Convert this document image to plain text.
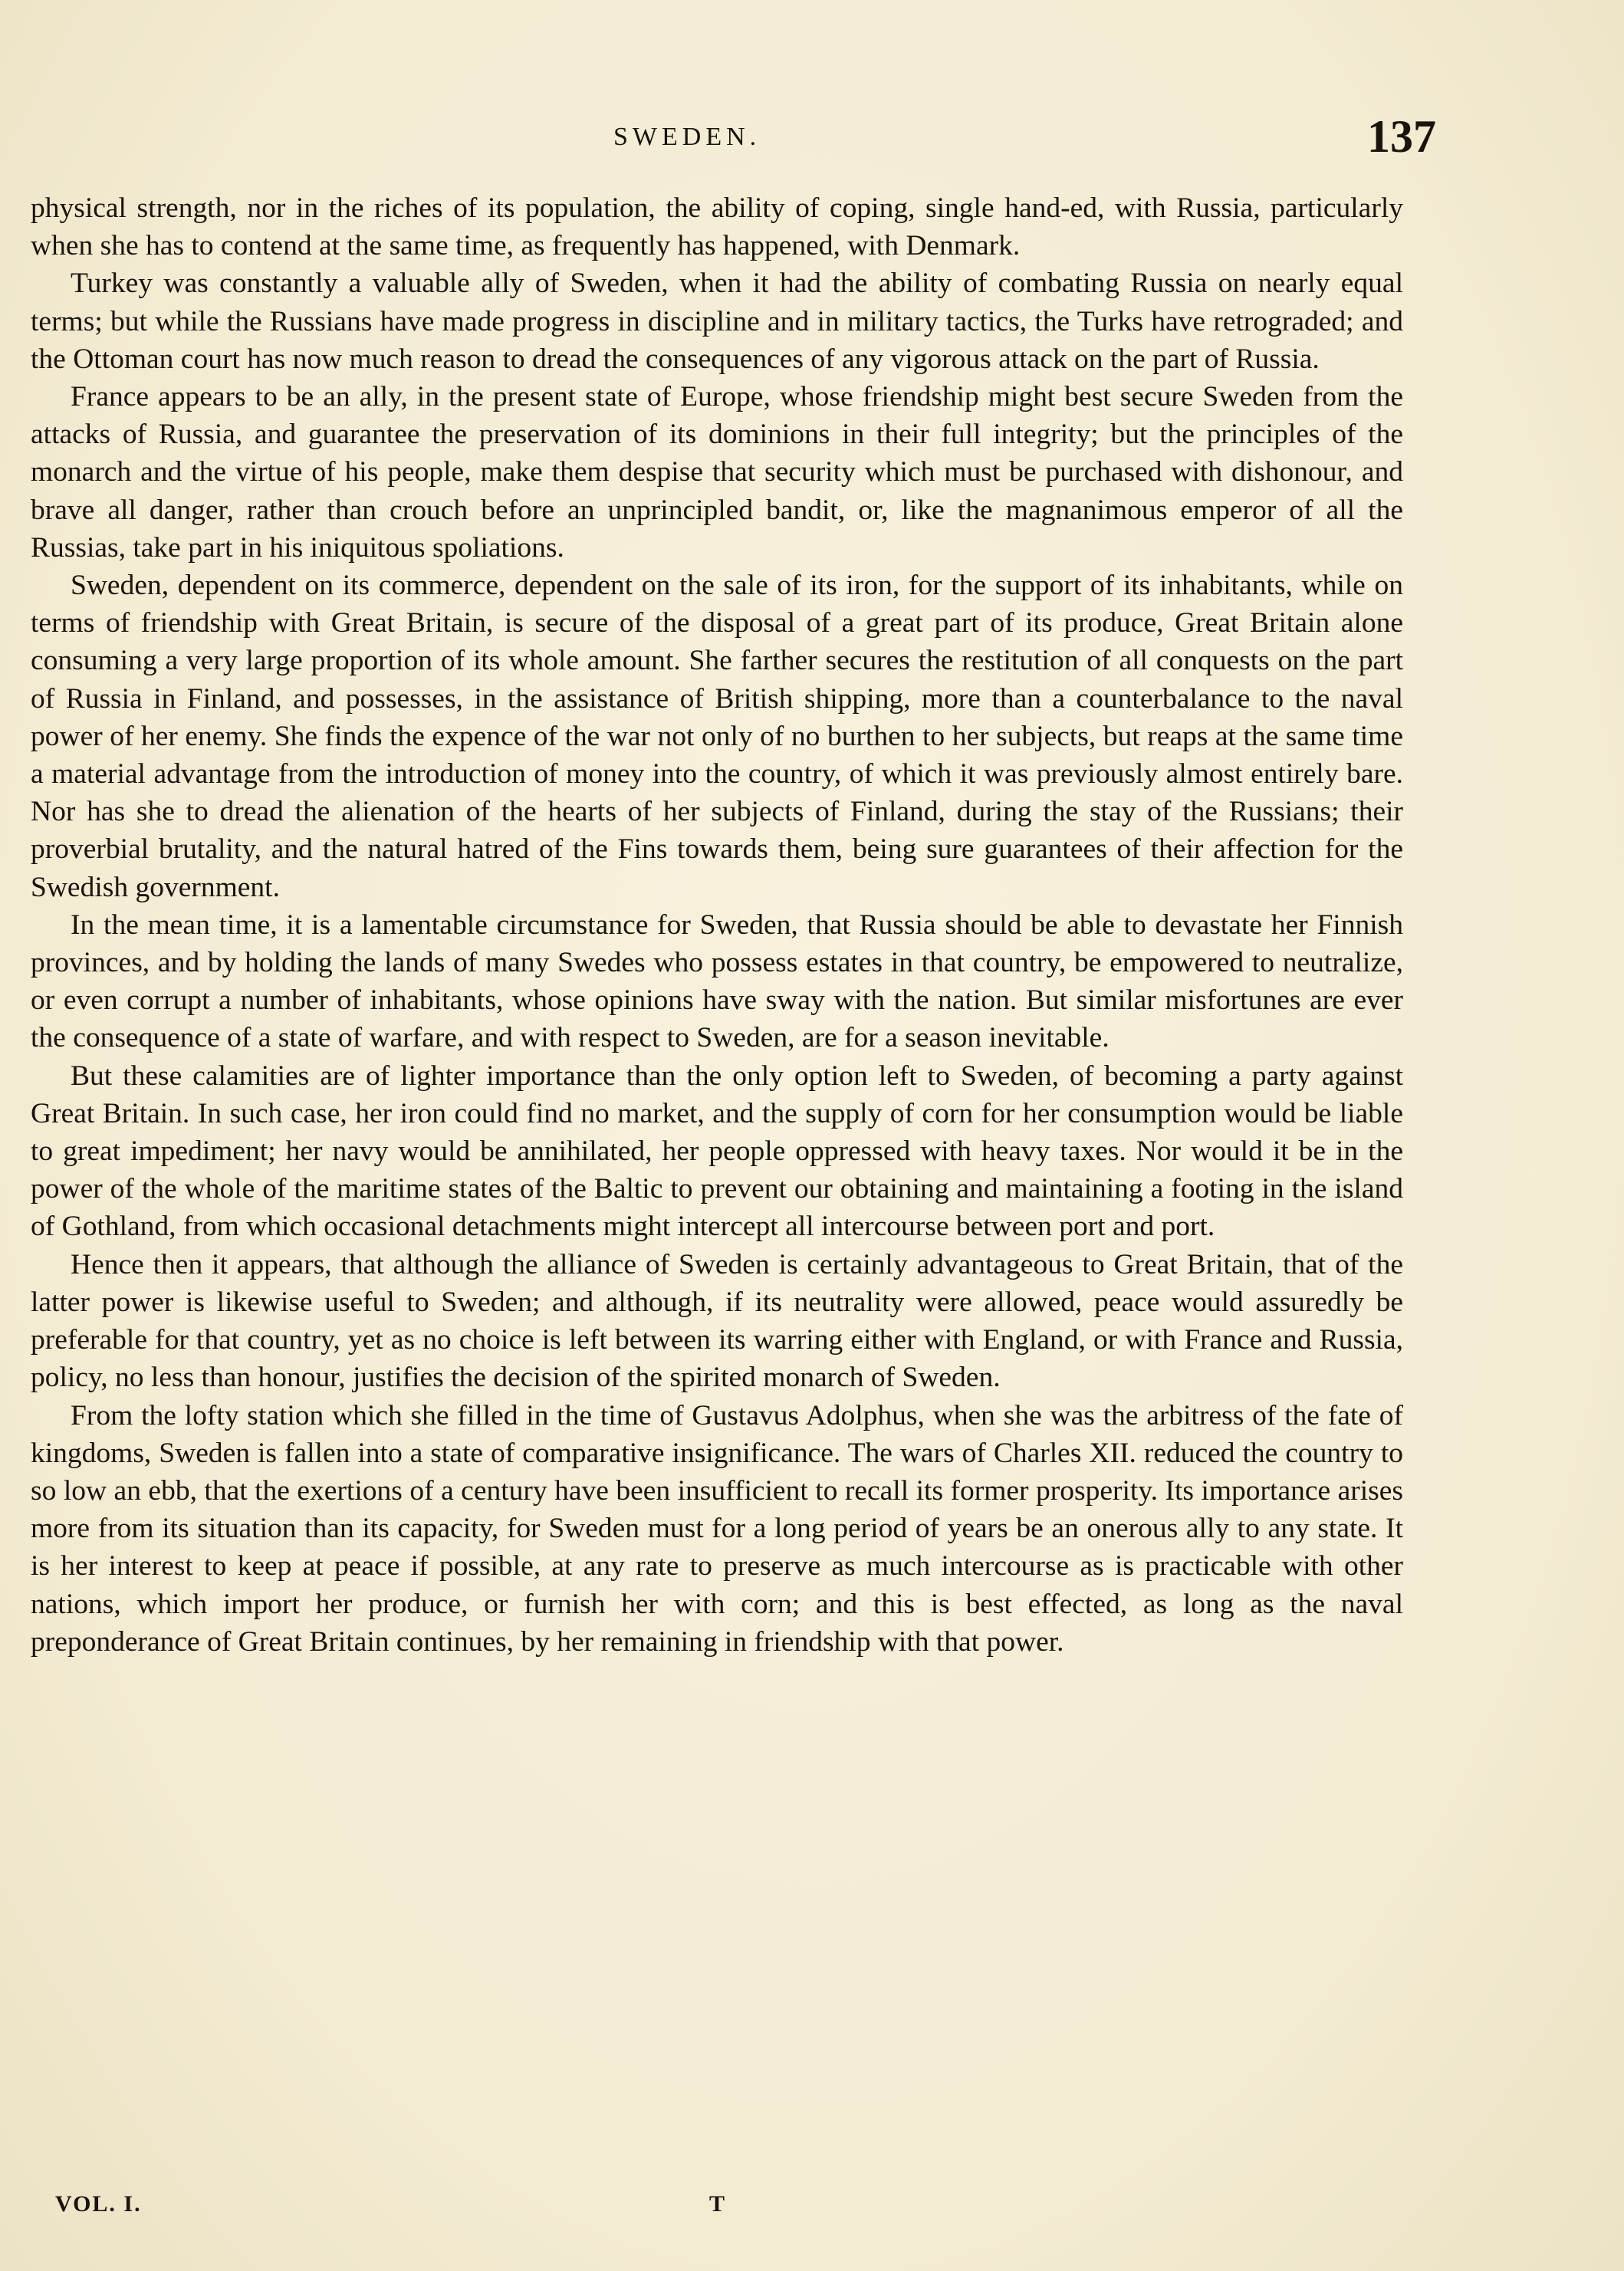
SWEDEN.	137

physical strength, nor in the riches of its population, the ability of coping, single hand-ed, with Russia, particularly when she has to contend at the same time, as frequently has happened, with Denmark.

Turkey was constantly a valuable ally of Sweden, when it had the ability of combating Russia on nearly equal terms; but while the Russians have made progress in discipline and in military tactics, the Turks have retrograded; and the Ottoman court has now much reason to dread the consequences of any vigorous attack on the part of Russia.

France appears to be an ally, in the present state of Europe, whose friendship might best secure Sweden from the attacks of Russia, and guarantee the preservation of its dominions in their full integrity; but the principles of the monarch and the virtue of his people, make them despise that security which must be purchased with dishonour, and brave all danger, rather than crouch before an unprincipled bandit, or, like the magnanimous emperor of all the Russias, take part in his iniquitous spoliations.

Sweden, dependent on its commerce, dependent on the sale of its iron, for the support of its inhabitants, while on terms of friendship with Great Britain, is secure of the disposal of a great part of its produce, Great Britain alone consuming a very large proportion of its whole amount. She farther secures the restitution of all conquests on the part of Russia in Finland, and possesses, in the assistance of British shipping, more than a counterbalance to the naval power of her enemy. She finds the expence of the war not only of no burthen to her subjects, but reaps at the same time a material advantage from the introduction of money into the country, of which it was previously almost entirely bare. Nor has she to dread the alienation of the hearts of her subjects of Finland, during the stay of the Russians; their proverbial brutality, and the natural hatred of the Fins towards them, being sure guarantees of their affection for the Swedish government.

In the mean time, it is a lamentable circumstance for Sweden, that Russia should be able to devastate her Finnish provinces, and by holding the lands of many Swedes who possess estates in that country, be empowered to neutralize, or even corrupt a number of inhabitants, whose opinions have sway with the nation. But similar misfortunes are ever the consequence of a state of warfare, and with respect to Sweden, are for a season inevitable.

But these calamities are of lighter importance than the only option left to Sweden, of becoming a party against Great Britain. In such case, her iron could find no market, and the supply of corn for her consumption would be liable to great impediment; her navy would be annihilated, her people oppressed with heavy taxes. Nor would it be in the power of the whole of the maritime states of the Baltic to prevent our obtaining and maintaining a footing in the island of Gothland, from which occasional detachments might intercept all intercourse between port and port.

Hence then it appears, that although the alliance of Sweden is certainly advantageous to Great Britain, that of the latter power is likewise useful to Sweden; and although, if its neutrality were allowed, peace would assuredly be preferable for that country, yet as no choice is left between its warring either with England, or with France and Russia, policy, no less than honour, justifies the decision of the spirited monarch of Sweden.

From the lofty station which she filled in the time of Gustavus Adolphus, when she was the arbitress of the fate of kingdoms, Sweden is fallen into a state of comparative insignificance. The wars of Charles XII. reduced the country to so low an ebb, that the exertions of a century have been insufficient to recall its former prosperity. Its importance arises more from its situation than its capacity, for Sweden must for a long period of years be an onerous ally to any state. It is her interest to keep at peace if possible, at any rate to preserve as much intercourse as is practicable with other nations, which import her produce, or furnish her with corn; and this is best effected, as long as the naval preponderance of Great Britain continues, by her remaining in friendship with that power.

VOL. I.	T
